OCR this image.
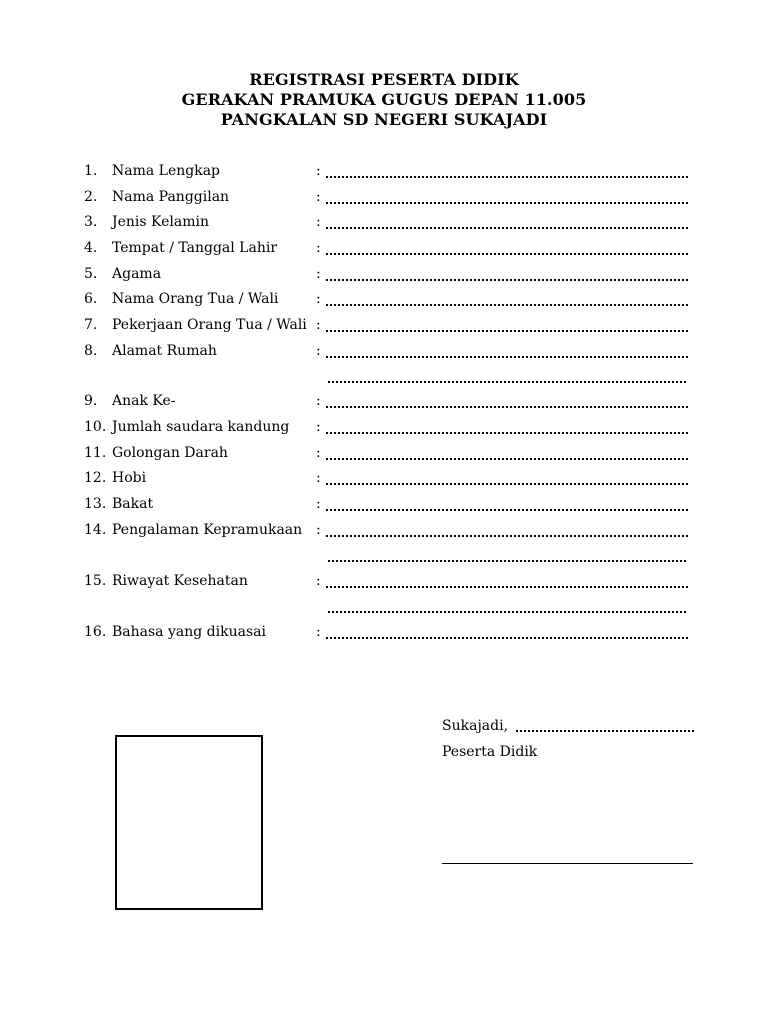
REGISTRASI PESERTA DIDIK
GERAKAN PRAMUKA GUGUS DEPAN 11.005
PANGKALAN SD NEGERI SUKAJADI
1. Nama Lengkap	:
2. Nama Panggilan	:
3. Jenis Kelamin	:
4. Tempat / Tanggal Lahir	:
5. Agama	:
6. Nama Orang Tua / Wali	:
7. Pekerjaan Orang Tua / Wali :
8. Alamat Rumah	:
9. Anak Ke-	:
10. Jumlah saudara kandung :
11. Golongan Darah	:
12. Hobi	:
13. Bakat	:
14. Pengalaman Kepramukaan :
15. Riwayat Kesehatan	:
16. Bahasa yang dikuasai	:
Sukajadi,
Peserta Didik
